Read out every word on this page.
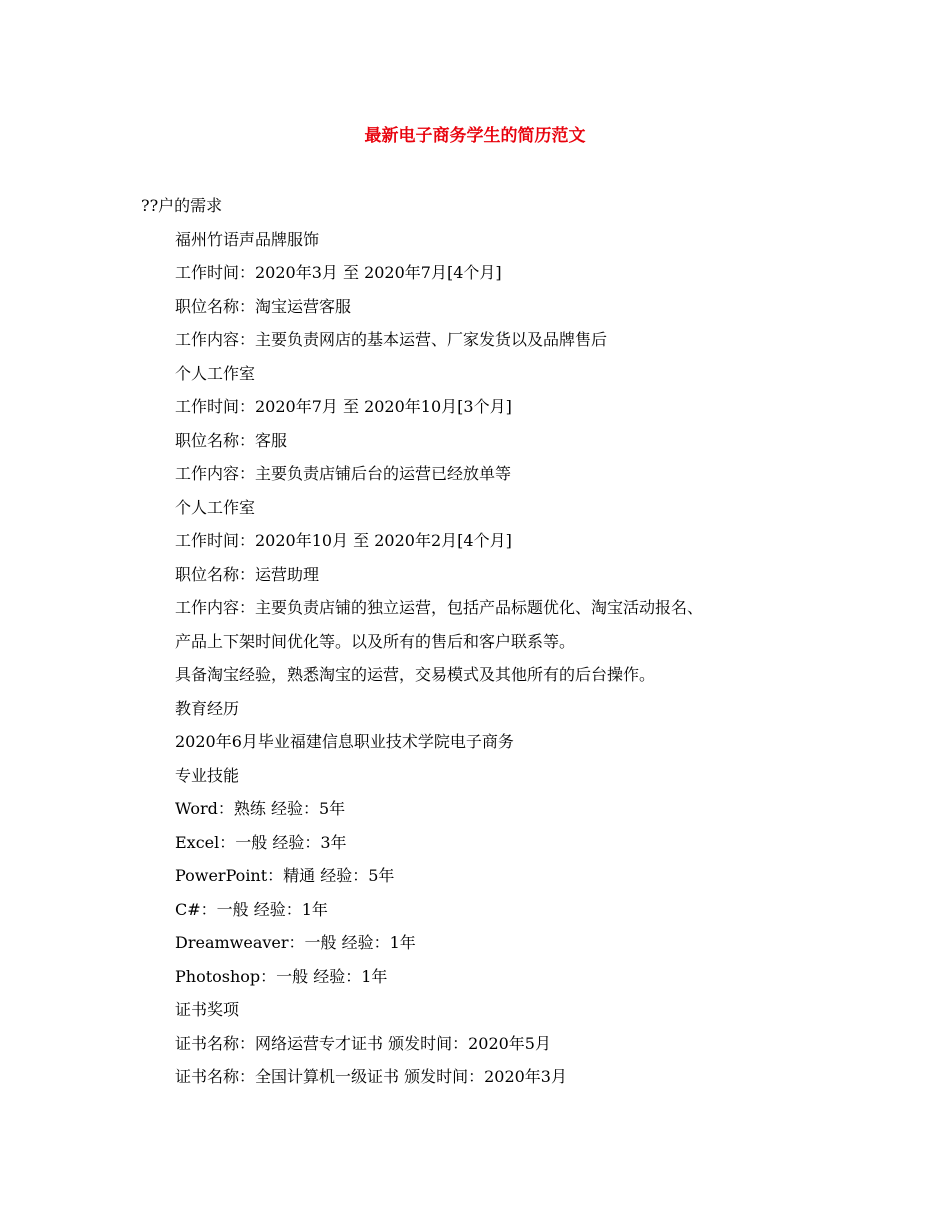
最新电子商务学生的简历范文
??户的需求
福州竹语声品牌服饰
工作时间：2020年3月 至 2020年7月[4个月]
职位名称：淘宝运营客服
工作内容：主要负责网店的基本运营、厂家发货以及品牌售后
个人工作室
工作时间：2020年7月 至 2020年10月[3个月]
职位名称：客服
工作内容：主要负责店铺后台的运营已经放单等
个人工作室
工作时间：2020年10月 至 2020年2月[4个月]
职位名称：运营助理
工作内容：主要负责店铺的独立运营，包括产品标题优化、淘宝活动报名、
产品上下架时间优化等。以及所有的售后和客户联系等。
具备淘宝经验，熟悉淘宝的运营，交易模式及其他所有的后台操作。
教育经历
2020年6月毕业福建信息职业技术学院电子商务
专业技能
Word：熟练 经验：5年
Excel：一般 经验：3年
PowerPoint：精通 经验：5年
C#：一般 经验：1年
Dreamweaver：一般 经验：1年
Photoshop：一般 经验：1年
证书奖项
证书名称：网络运营专才证书 颁发时间：2020年5月
证书名称：全国计算机一级证书 颁发时间：2020年3月
